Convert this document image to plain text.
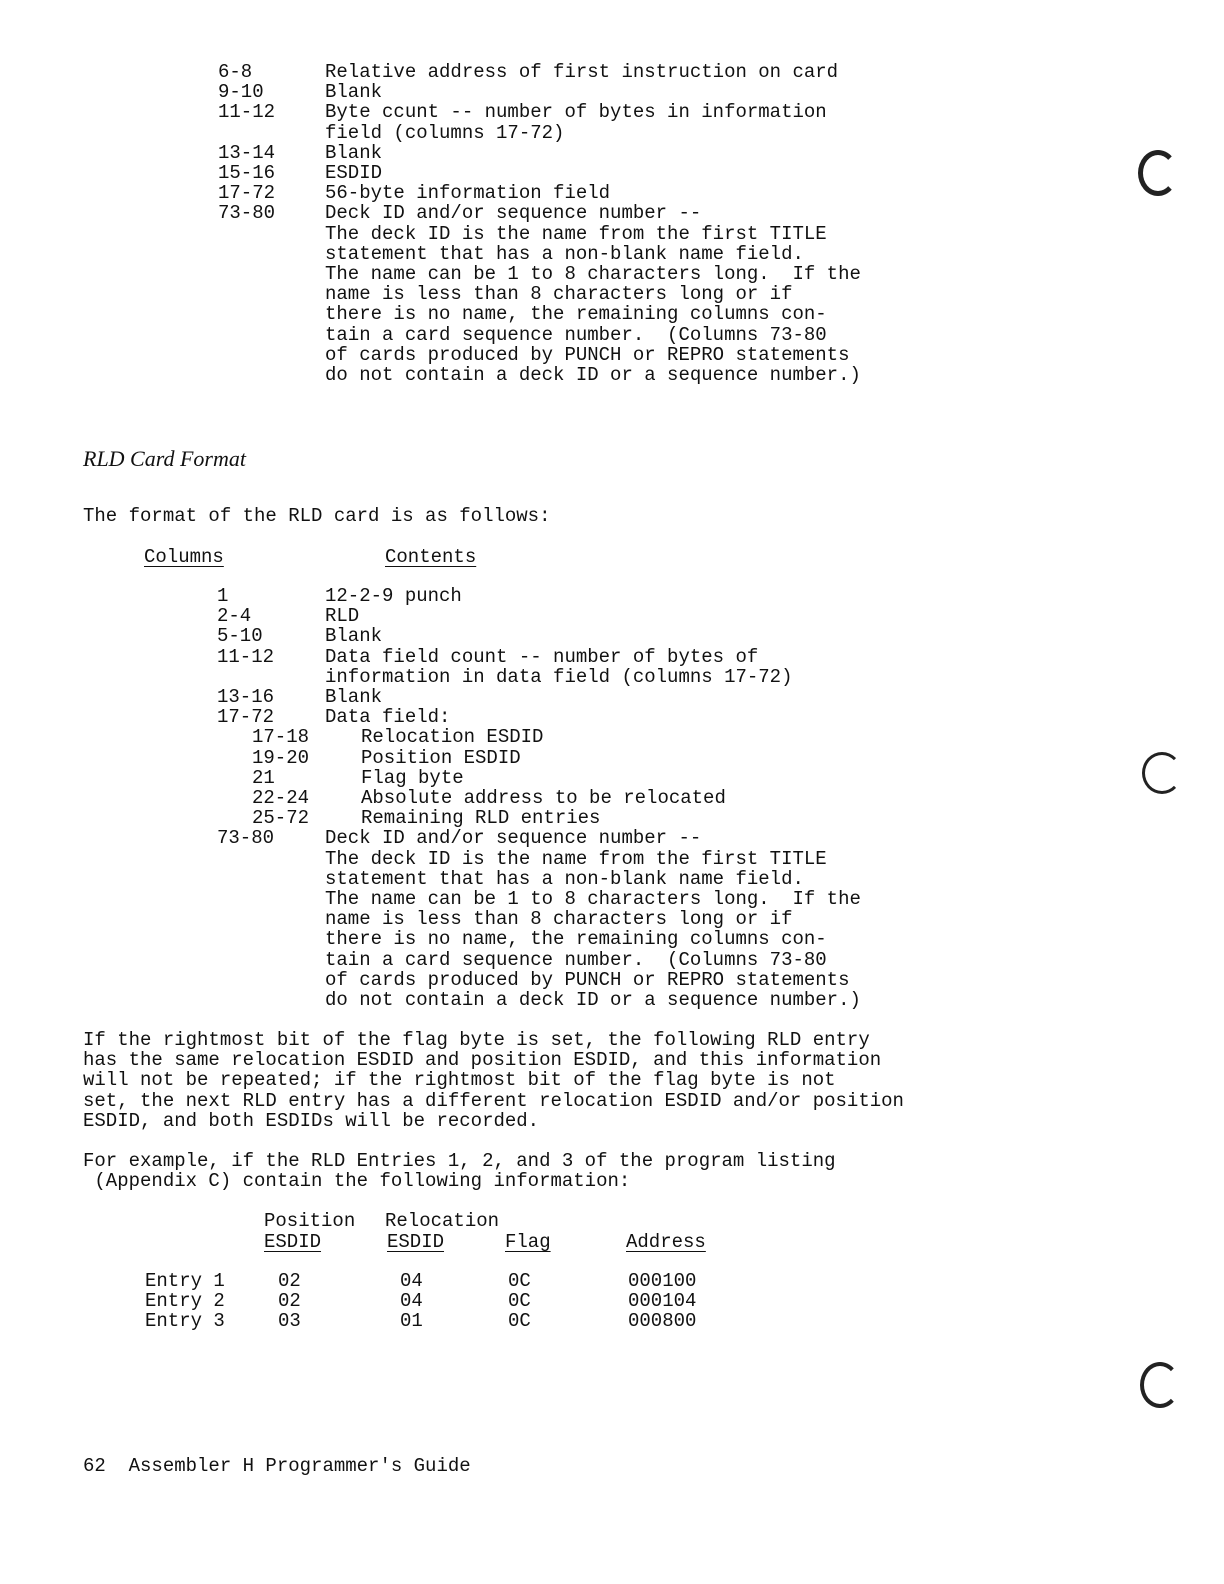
6-8	Relative address of first instruction on card
9-10	Blank
11-12	Byte ccunt -- number of bytes in information
field (columns 17-72)
13-14	Blank
15-16	ESDID
17-72	56-byte information field
73-80	Deck ID and/or sequence number --
The deck ID is the name from the first TITLE
statement that has a non-blank name field.
The name can be 1 to 8 characters long.  If the
name is less than 8 characters long or if
there is no name, the remaining columns con-
tain a card sequence number.  (Columns 73-80
of cards produced by PUNCH or REPRO statements
do not contain a deck ID or a sequence number.)
RLD Card Format
The format of the RLD card is as follows:
Columns	Contents
1	12-2-9 punch
2-4	RLD
5-10	Blank
11-12	Data field count -- number of bytes of
information in data field (columns 17-72)
13-16	Blank
17-72	Data field:
17-18	Relocation ESDID
19-20	Position ESDID
21	Flag byte
22-24	Absolute address to be relocated
25-72	Remaining RLD entries
73-80	Deck ID and/or sequence number --
The deck ID is the name from the first TITLE
statement that has a non-blank name field.
The name can be 1 to 8 characters long.  If the
name is less than 8 characters long or if
there is no name, the remaining columns con-
tain a card sequence number.  (Columns 73-80
of cards produced by PUNCH or REPRO statements
do not contain a deck ID or a sequence number.)
If the rightmost bit of the flag byte is set, the following RLD entry
has the same relocation ESDID and position ESDID, and this information
will not be repeated; if the rightmost bit of the flag byte is not
set, the next RLD entry has a different relocation ESDID and/or position
ESDID, and both ESDIDs will be recorded.
For example, if the RLD Entries 1, 2, and 3 of the program listing
(Appendix C) contain the following information:
Position Relocation
ESDID	ESDID	Flag	Address
Entry 1	02	04	0C	000100
Entry 2	02	04	0C	000104
Entry 3	03	01	0C	000800
62  Assembler H Programmer's Guide
